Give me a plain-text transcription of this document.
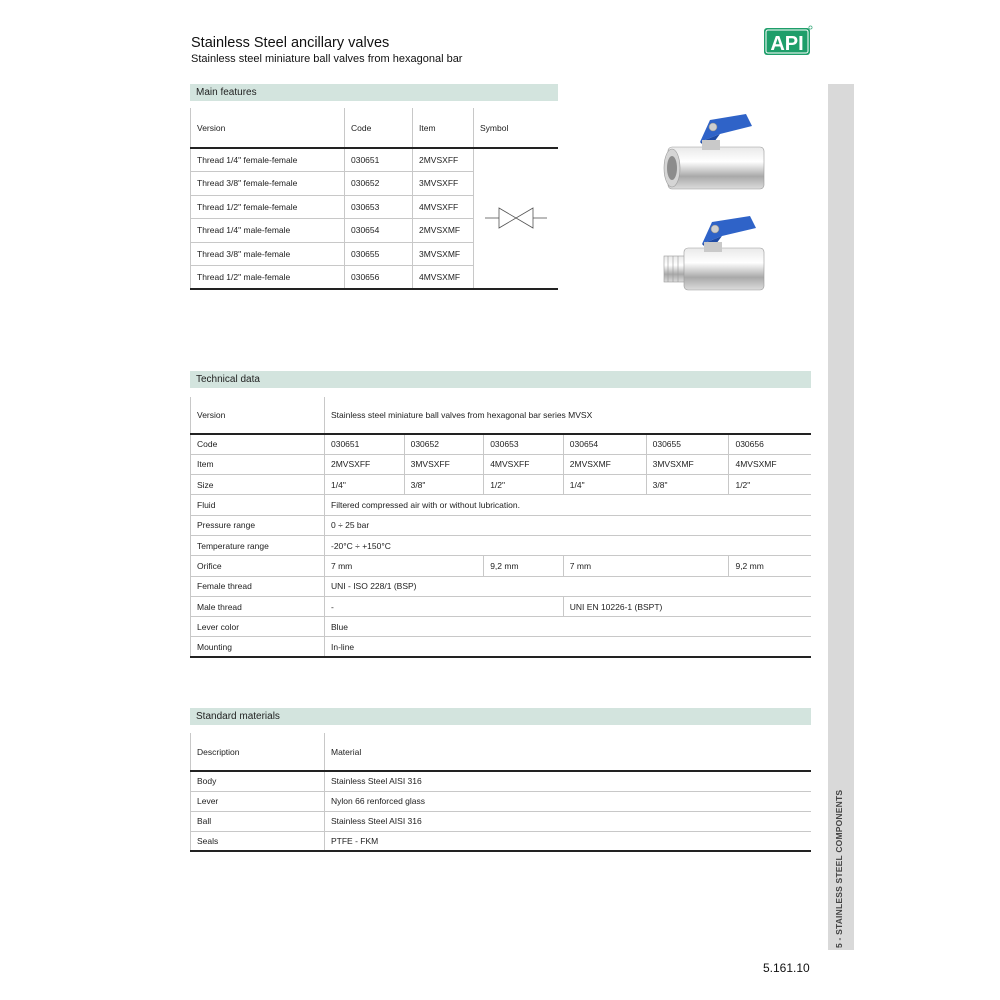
Stainless Steel ancillary valves
Stainless steel miniature ball valves from hexagonal bar
API
Main features
Version	Code	Item	Symbol
Thread 1/4" female-female	030651	2MVSXFF	
Thread 3/8" female-female	030652	3MVSXFF	
Thread 1/2" female-female	030653	4MVSXFF	
Thread 1/4" male-female	030654	2MVSXMF	
Thread 3/8" male-female	030655	3MVSXMF	
Thread 1/2" male-female	030656	4MVSXMF	
Technical data
Version	Stainless steel miniature ball valves from hexagonal bar series MVSX					
Code	030651	030652	030653	030654	030655	030656
Item	2MVSXFF	3MVSXFF	4MVSXFF	2MVSXMF	3MVSXMF	4MVSXMF
Size	1/4"	3/8"	1/2"	1/4"	3/8"	1/2"
Fluid	Filtered compressed air with or without lubrication.					
Pressure range	0 ÷ 25 bar					
Temperature range	-20°C ÷ +150°C					
Orifice	7 mm		9,2 mm	7 mm		9,2 mm
Female thread	UNI - ISO 228/1 (BSP)					
Male thread	-			UNI EN 10226-1 (BSPT)		
Lever color	Blue					
Mounting	In-line					
Standard materials
Description	Material
Body	Stainless Steel AISI 316
Lever	Nylon 66 renforced glass
Ball	Stainless Steel AISI 316
Seals	PTFE - FKM	5 - STAINLESS STEEL COMPONENTS
5.161.10
